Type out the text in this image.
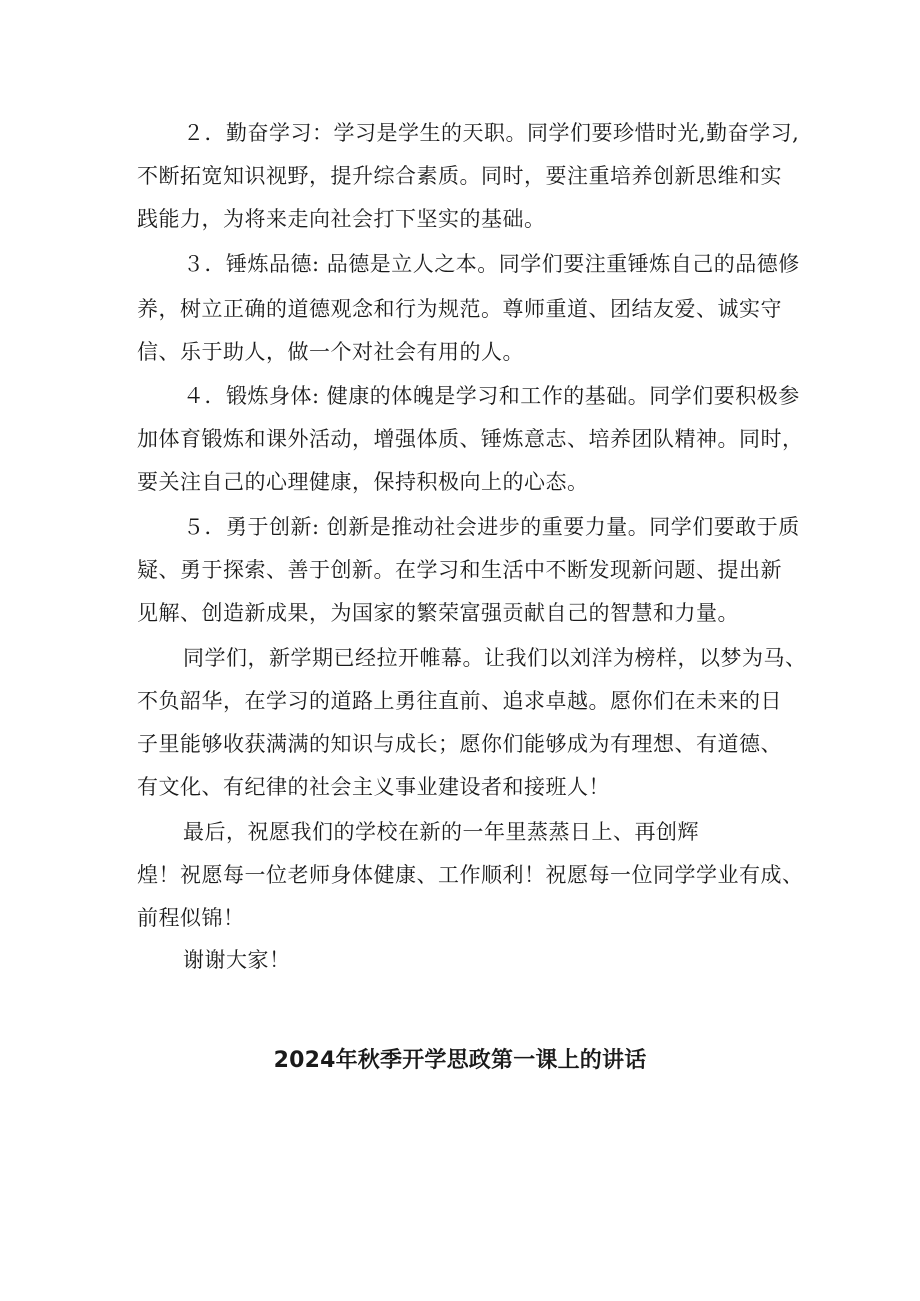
２．勤奋学习：学习是学生的天职。同学们要珍惜时光,勤奋学习,
不断拓宽知识视野，提升综合素质。同时，要注重培养创新思维和实
践能力，为将来走向社会打下坚实的基础。
３．锤炼品德: 品德是立人之本。同学们要注重锤炼自己的品德修
养，树立正确的道德观念和行为规范。尊师重道、团结友爱、诚实守
信、乐于助人，做一个对社会有用的人。
４．锻炼身体: 健康的体魄是学习和工作的基础。同学们要积极参
加体育锻炼和课外活动，增强体质、锤炼意志、培养团队精神。同时，
要关注自己的心理健康，保持积极向上的心态。
５．勇于创新: 创新是推动社会进步的重要力量。同学们要敢于质
疑、勇于探索、善于创新。在学习和生活中不断发现新问题、提出新
见解、创造新成果，为国家的繁荣富强贡献自己的智慧和力量。
同学们，新学期已经拉开帷幕。让我们以刘洋为榜样，以梦为马、
不负韶华，在学习的道路上勇往直前、追求卓越。愿你们在未来的日
子里能够收获满满的知识与成长；愿你们能够成为有理想、有道德、
有文化、有纪律的社会主义事业建设者和接班人！
最后，祝愿我们的学校在新的一年里蒸蒸日上、再创辉
煌！祝愿每一位老师身体健康、工作顺利！祝愿每一位同学学业有成、
前程似锦！
谢谢大家！
2024年秋季开学思政第一课上的讲话
